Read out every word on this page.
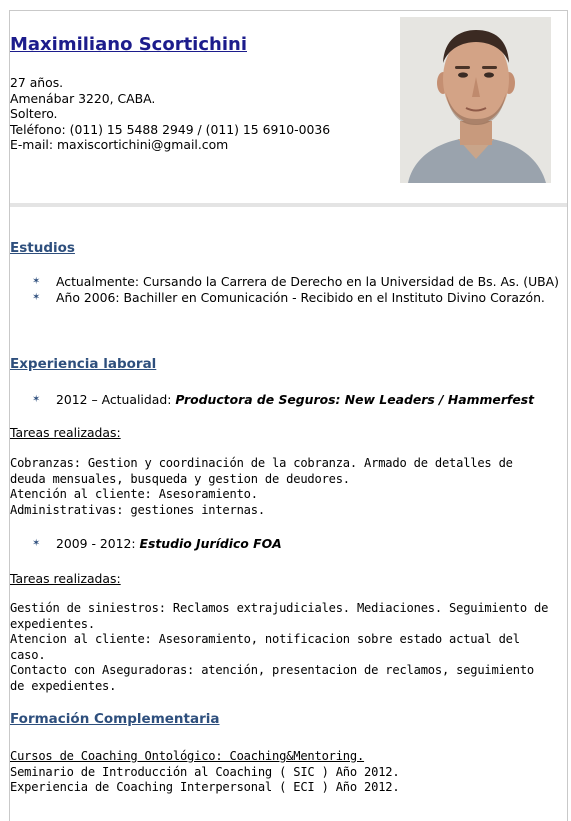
Maximiliano Scortichini
27 años.
Amenábar 3220, CABA.
Soltero.
Teléfono: (011) 15 5488 2949 / (011) 15 6910-0036
E-mail: maxiscortichini@gmail.com
Estudios
✶ Actualmente: Cursando la Carrera de Derecho en la Universidad de Bs. As. (UBA)
✶ Año 2006: Bachiller en Comunicación - Recibido en el Instituto Divino Corazón.
Experiencia laboral
✶ 2012 – Actualidad: Productora de Seguros: New Leaders / Hammerfest
Tareas realizadas:
Cobranzas: Gestion y coordinación de la cobranza. Armado de detalles de deuda mensuales, busqueda y gestion de deudores.
Atención al cliente: Asesoramiento.
Administrativas: gestiones internas.
✶ 2009 - 2012: Estudio Jurídico FOA
Tareas realizadas:
Gestión de siniestros: Reclamos extrajudiciales. Mediaciones. Seguimiento de expedientes.
Atencion al cliente: Asesoramiento, notificacion sobre estado actual del caso.
Contacto con Aseguradoras: atención, presentacion de reclamos, seguimiento de expedientes.
Formación Complementaria
Cursos de Coaching Ontológico: Coaching&Mentoring.
Seminario de Introducción al Coaching ( SIC ) Año 2012.
Experiencia de Coaching Interpersonal ( ECI ) Año 2012.
